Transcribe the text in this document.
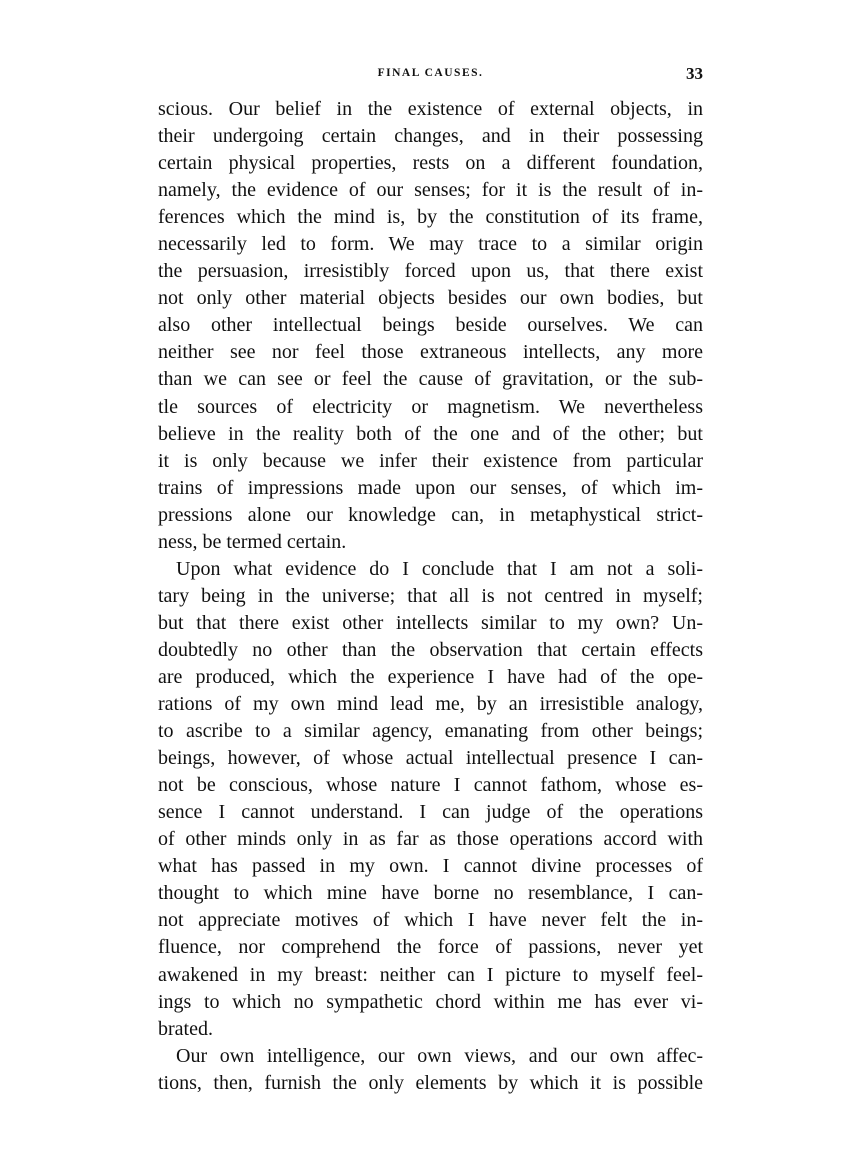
FINAL CAUSES.	33
scious. Our belief in the existence of external objects, in
their undergoing certain changes, and in their possessing
certain physical properties, rests on a different foundation,
namely, the evidence of our senses; for it is the result of in-
ferences which the mind is, by the constitution of its frame,
necessarily led to form. We may trace to a similar origin
the persuasion, irresistibly forced upon us, that there exist
not only other material objects besides our own bodies, but
also other intellectual beings beside ourselves. We can
neither see nor feel those extraneous intellects, any more
than we can see or feel the cause of gravitation, or the sub-
tle sources of electricity or magnetism. We nevertheless
believe in the reality both of the one and of the other; but
it is only because we infer their existence from particular
trains of impressions made upon our senses, of which im-
pressions alone our knowledge can, in metaphystical strict-
ness, be termed certain.
Upon what evidence do I conclude that I am not a soli-
tary being in the universe; that all is not centred in myself;
but that there exist other intellects similar to my own? Un-
doubtedly no other than the observation that certain effects
are produced, which the experience I have had of the ope-
rations of my own mind lead me, by an irresistible analogy,
to ascribe to a similar agency, emanating from other beings;
beings, however, of whose actual intellectual presence I can-
not be conscious, whose nature I cannot fathom, whose es-
sence I cannot understand. I can judge of the operations
of other minds only in as far as those operations accord with
what has passed in my own. I cannot divine processes of
thought to which mine have borne no resemblance, I can-
not appreciate motives of which I have never felt the in-
fluence, nor comprehend the force of passions, never yet
awakened in my breast: neither can I picture to myself feel-
ings to which no sympathetic chord within me has ever vi-
brated.
Our own intelligence, our own views, and our own affec-
tions, then, furnish the only elements by which it is possible
